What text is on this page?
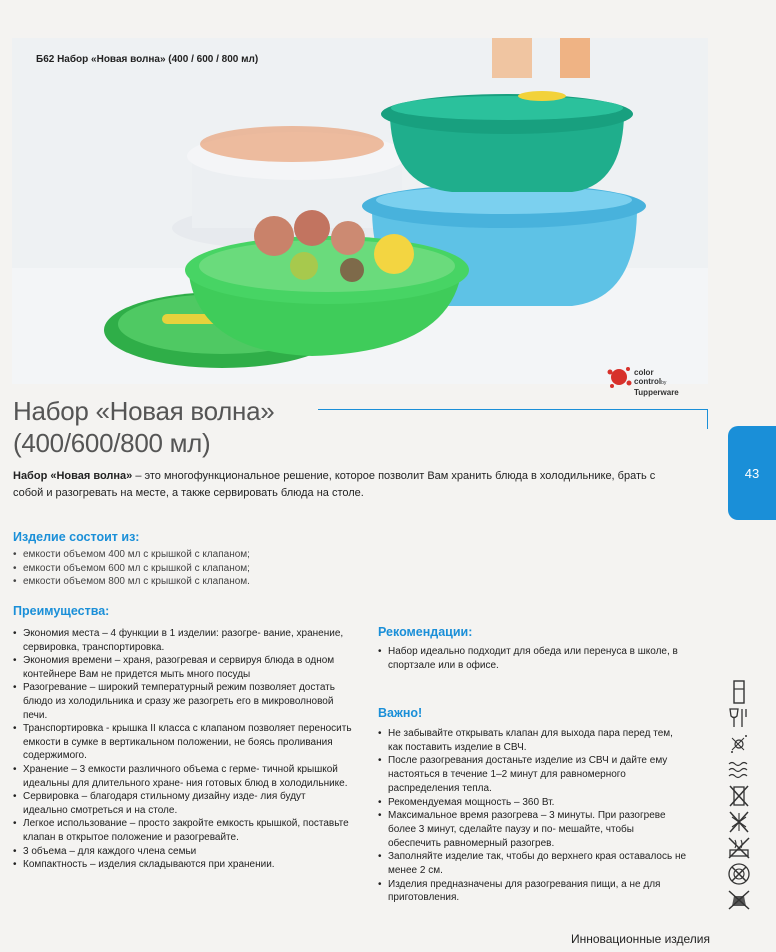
Б62 Набор «Новая волна» (400 / 600 / 800 мл)
color
controlby
Tupperware
43
Набор «Новая волна»
(400/600/800 мл)

Набор «Новая волна» – это многофункциональное решение, которое позволит Вам хранить блюда в холодильнике, брать с собой и разогревать на месте, а также сервировать блюда на столе.

Изделие состоит из:
• емкости объемом 400 мл с крышкой с клапаном;
• емкости объемом 600 мл с крышкой с клапаном;
• емкости объемом 800 мл с крышкой с клапаном.
Преимущества:
• Экономия места – 4 функции в 1 изделии: разогре- вание, хранение, сервировка, транспортировка.
• Экономия времени – храня, разогревая и сервируя блюда в одном контейнере Вам не придется мыть много посуды
• Разогревание – широкий температурный режим позволяет достать блюдо из холодильника и сразу же разогреть его в микроволновой печи.
• Транспортировка - крышка II класса с клапаном позволяет переносить емкости в сумке в вертикальном положении, не боясь проливания содержимого.
• Хранение – 3 емкости различного объема с герме- тичной крышкой идеальны для длительного хране- ния готовых блюд в холодильнике.
• Сервировка – благодаря стильному дизайну изде- лия будут идеально смотреться и на столе.
• Легкое использование – просто закройте емкость крышкой, поставьте клапан в открытое положение и разогревайте.
• 3 объема – для каждого члена семьи
• Компактность – изделия складываются при хранении.
Рекомендации:
• Набор идеально подходит для обеда или перенуса в школе, в спортзале или в офисе.
Важно!
• Не забывайте открывать клапан для выхода пара перед тем, как поставить изделие в СВЧ.
• После разогревания достаньте изделие из СВЧ и дайте ему настояться в течение 1–2 минут для равномерного распределения тепла.
• Рекомендуемая мощность – 360 Вт.
• Максимальное время разогрева – 3 минуты. При разогреве более 3 минут, сделайте паузу и по- мешайте, чтобы обеспечить равномерный разогрев.
• Заполняйте изделие так, чтобы до верхнего края оставалось не менее 2 см.
• Изделия предназначены для разогревания пищи, а не для приготовления.
Инновационные изделия
